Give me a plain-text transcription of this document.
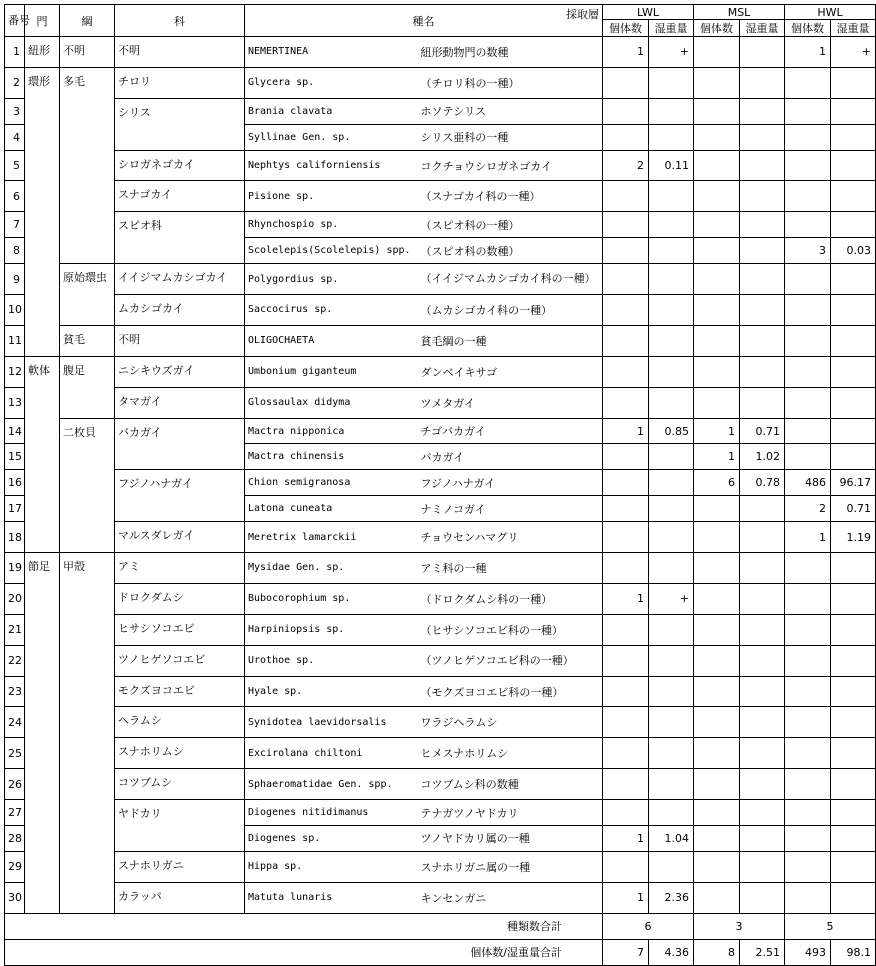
番号	門	綱	科	種名 採取層		LWL		MSL		HWL	
						個体数	湿重量	個体数	湿重量	個体数	湿重量
1	紐形	不明	不明	NEMERTINEA	紐形動物門の数種	1	+			1	+
2	環形	多毛	チロリ	Glycera sp.	（チロリ科の一種）						
3			シリス	Brania clavata	ホソテシリス						
4				Syllinae Gen. sp.	シリス亜科の一種						
5			シロガネゴカイ	Nephtys californiensis	コクチョウシロガネゴカイ	2	0.11				
6			スナゴカイ	Pisione sp.	（スナゴカイ科の一種）						
7			スピオ科	Rhynchospio sp.	（スピオ科の一種）						
8				Scolelepis(Scolelepis) spp.	（スピオ科の数種）					3	0.03
9		原始環虫	イイジマムカシゴカイ	Polygordius sp.	（イイジマムカシゴカイ科の一種）						
10			ムカシゴカイ	Saccocirus sp.	（ムカシゴカイ科の一種）						
11		貧毛	不明	OLIGOCHAETA	貧毛綱の一種						
12	軟体	腹足	ニシキウズガイ	Umbonium giganteum	ダンベイキサゴ						
13			タマガイ	Glossaulax didyma	ツメタガイ						
14		二枚貝	バカガイ	Mactra nipponica	チゴバカガイ	1	0.85	1	0.71		
15				Mactra chinensis	バカガイ			1	1.02		
16			フジノハナガイ	Chion semigranosa	フジノハナガイ			6	0.78	486	96.17
17				Latona cuneata	ナミノコガイ					2	0.71
18			マルスダレガイ	Meretrix lamarckii	チョウセンハマグリ					1	1.19
19	節足	甲殻	アミ	Mysidae Gen. sp.	アミ科の一種						
20			ドロクダムシ	Bubocorophium sp.	（ドロクダムシ科の一種）	1	+				
21			ヒサシソコエビ	Harpiniopsis sp.	（ヒサシソコエビ科の一種）						
22			ツノヒゲソコエビ	Urothoe sp.	（ツノヒゲソコエビ科の一種）						
23			モクズヨコエビ	Hyale sp.	（モクズヨコエビ科の一種）						
24			ヘラムシ	Synidotea laevidorsalis	ワラジヘラムシ						
25			スナホリムシ	Excirolana chiltoni	ヒメスナホリムシ						
26			コツブムシ	Sphaeromatidae Gen. spp.	コツブムシ科の数種						
27			ヤドカリ	Diogenes nitidimanus	テナガツノヤドカリ						
28				Diogenes sp.	ツノヤドカリ属の一種	1	1.04				
29			スナホリガニ	Hippa sp.	スナホリガニ属の一種						
30			カラッパ	Matuta lunaris	キンセンガニ	1	2.36				
種類数合計						6		3		5	
個体数/湿重量合計						7	4.36	8	2.51	493	98.1
